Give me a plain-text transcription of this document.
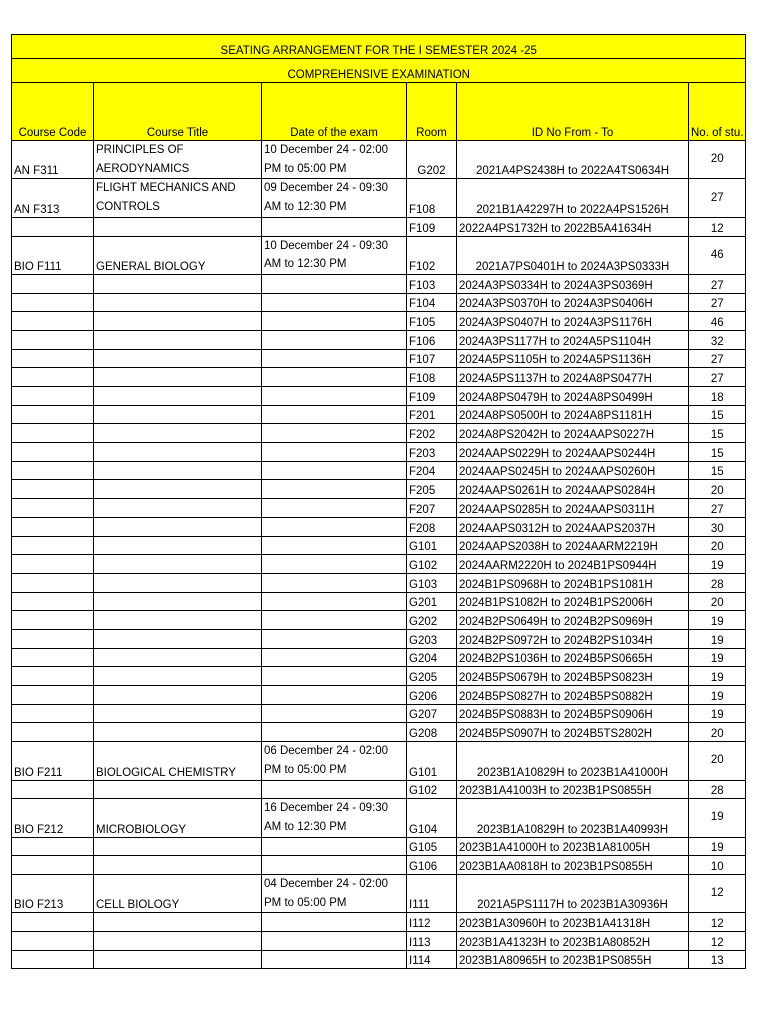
SEATING ARRANGEMENT FOR THE I SEMESTER 2024 -25					
COMPREHENSIVE EXAMINATION					
Course Code	Course Title	Date of the exam	Room	ID No From - To	No. of stu.
AN F311	PRINCIPLES OF AERODYNAMICS	10 December 24 - 02:00 PM to 05:00 PM	G202	2021A4PS2438H to 2022A4TS0634H	20
AN F313	FLIGHT MECHANICS AND CONTROLS	09 December 24 - 09:30 AM to 12:30 PM	F108	2021B1A42297H to 2022A4PS1526H	27
			F109	2022A4PS1732H to 2022B5A41634H	12
BIO F111	GENERAL BIOLOGY	10 December 24 - 09:30 AM to 12:30 PM	F102	2021A7PS0401H to 2024A3PS0333H	46
			F103	2024A3PS0334H to 2024A3PS0369H	27
			F104	2024A3PS0370H to 2024A3PS0406H	27
			F105	2024A3PS0407H to 2024A3PS1176H	46
			F106	2024A3PS1177H to 2024A5PS1104H	32
			F107	2024A5PS1105H to 2024A5PS1136H	27
			F108	2024A5PS1137H to 2024A8PS0477H	27
			F109	2024A8PS0479H to 2024A8PS0499H	18
			F201	2024A8PS0500H to 2024A8PS1181H	15
			F202	2024A8PS2042H to 2024AAPS0227H	15
			F203	2024AAPS0229H to 2024AAPS0244H	15
			F204	2024AAPS0245H to 2024AAPS0260H	15
			F205	2024AAPS0261H to 2024AAPS0284H	20
			F207	2024AAPS0285H to 2024AAPS0311H	27
			F208	2024AAPS0312H to 2024AAPS2037H	30
			G101	2024AAPS2038H to 2024AARM2219H	20
			G102	2024AARM2220H to 2024B1PS0944H	19
			G103	2024B1PS0968H to 2024B1PS1081H	28
			G201	2024B1PS1082H to 2024B1PS2006H	20
			G202	2024B2PS0649H to 2024B2PS0969H	19
			G203	2024B2PS0972H to 2024B2PS1034H	19
			G204	2024B2PS1036H to 2024B5PS0665H	19
			G205	2024B5PS0679H to 2024B5PS0823H	19
			G206	2024B5PS0827H to 2024B5PS0882H	19
			G207	2024B5PS0883H to 2024B5PS0906H	19
			G208	2024B5PS0907H to 2024B5TS2802H	20
BIO F211	BIOLOGICAL CHEMISTRY	06 December 24 - 02:00 PM to 05:00 PM	G101	2023B1A10829H to 2023B1A41000H	20
			G102	2023B1A41003H to 2023B1PS0855H	28
BIO F212	MICROBIOLOGY	16 December 24 - 09:30 AM to 12:30 PM	G104	2023B1A10829H to 2023B1A40993H	19
			G105	2023B1A41000H to 2023B1A81005H	19
			G106	2023B1AA0818H to 2023B1PS0855H	10
BIO F213	CELL BIOLOGY	04 December 24 - 02:00 PM to 05:00 PM	I111	2021A5PS1117H to 2023B1A30936H	12
			I112	2023B1A30960H to 2023B1A41318H	12
			I113	2023B1A41323H to 2023B1A80852H	12
			I114	2023B1A80965H to 2023B1PS0855H	13
